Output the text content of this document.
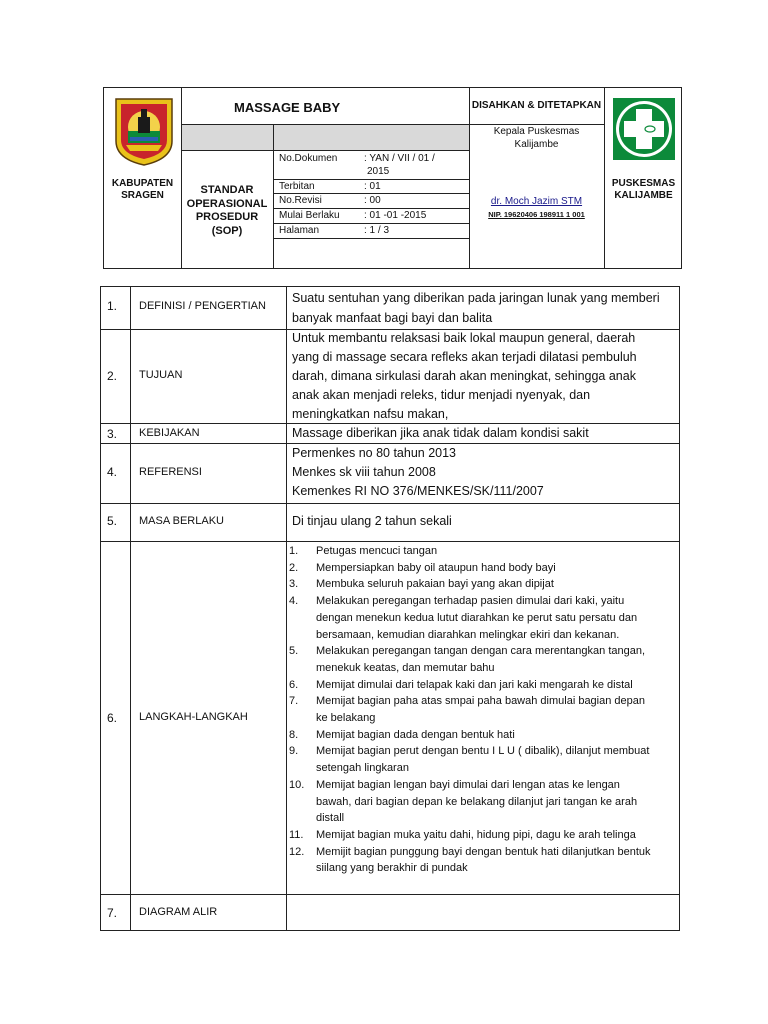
KABUPATEN
SRAGEN
MASSAGE BABY
STANDAR
OPERASIONAL
PROSEDUR
(SOP)
No.Dokumen	: YAN / VII / 01 /
2015
Terbitan	: 01
No.Revisi	: 00
Mulai Berlaku : 01 -01 -2015
Halaman	: 1 / 3
DISAHKAN & DITETAPKAN
Kepala Puskesmas
Kalijambe
dr. Moch Jazim STM
NIP. 19620406 198911 1 001
PUSKESMAS
KALIJAMBE
1. DEFINISI / PENGERTIAN
Suatu sentuhan yang diberikan pada jaringan lunak yang memberi
banyak manfaat bagi bayi dan balita
2. TUJUAN
Untuk membantu relaksasi baik lokal maupun general, daerah
yang di massage secara refleks akan terjadi dilatasi pembuluh
darah, dimana sirkulasi darah akan meningkat, sehingga anak
anak akan menjadi releks, tidur menjadi nyenyak, dan
meningkatkan nafsu makan,
3. KEBIJAKAN	Massage diberikan jika anak tidak dalam kondisi sakit
4. REFERENSI
Permenkes no 80 tahun 2013
Menkes sk viii tahun 2008
Kemenkes RI NO 376/MENKES/SK/111/2007
5. MASA BERLAKU	Di tinjau ulang 2 tahun sekali
6. LANGKAH-LANGKAH
1. Petugas mencuci tangan
2. Mempersiapkan baby oil ataupun hand body bayi
3. Membuka seluruh pakaian bayi yang akan dipijat
4. Melakukan peregangan terhadap pasien dimulai dari kaki, yaitu
dengan menekun kedua lutut diarahkan ke perut satu persatu dan
bersamaan, kemudian diarahkan melingkar ekiri dan kekanan.
5. Melakukan peregangan tangan dengan cara merentangkan tangan,
menekuk keatas, dan memutar bahu
6. Memijat dimulai dari telapak kaki dan jari kaki mengarah ke distal
7. Memijat bagian paha atas smpai paha bawah dimulai bagian depan
ke belakang
8. Memijat bagian dada dengan bentuk hati
9. Memijat bagian perut dengan bentu I L U ( dibalik), dilanjut membuat
setengah lingkaran
10. Memijat bagian lengan bayi dimulai dari lengan atas ke lengan
bawah, dari bagian depan ke belakang dilanjut jari tangan ke arah
distall
11. Memijat bagian muka yaitu dahi, hidung pipi, dagu ke arah telinga
12. Memijit bagian punggung bayi dengan bentuk hati dilanjutkan bentuk
siilang yang berakhir di pundak
7. DIAGRAM ALIR
